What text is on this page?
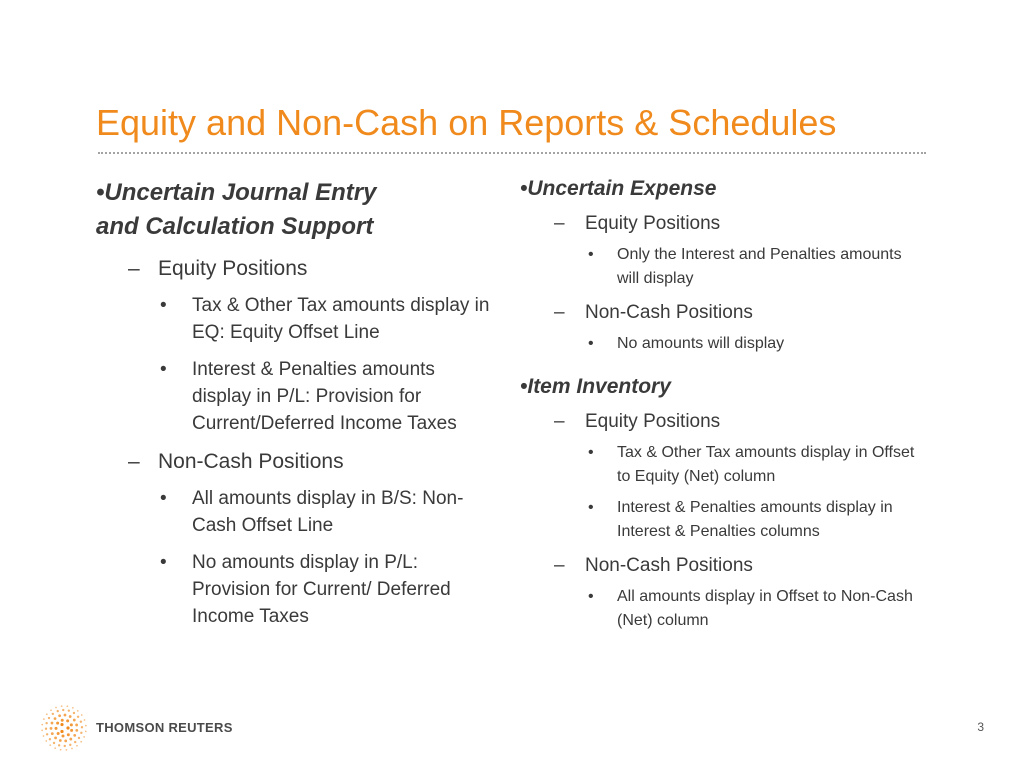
Equity and Non-Cash on Reports & Schedules
•Uncertain Journal Entry
and Calculation Support
– Equity Positions
• Tax & Other Tax amounts display in EQ: Equity Offset Line
• Interest & Penalties amounts display in P/L: Provision for Current/Deferred Income Taxes
– Non-Cash Positions
• All amounts display in B/S: Non-Cash Offset Line
• No amounts display in P/L: Provision for Current/ Deferred Income Taxes
•Uncertain Expense
– Equity Positions
• Only the Interest and Penalties amounts will display
– Non-Cash Positions
• No amounts will display
•Item Inventory
– Equity Positions
• Tax & Other Tax amounts display in Offset to Equity (Net) column
• Interest & Penalties amounts display in Interest & Penalties columns
– Non-Cash Positions
• All amounts display in Offset to Non-Cash (Net) column
THOMSON REUTERS	3
